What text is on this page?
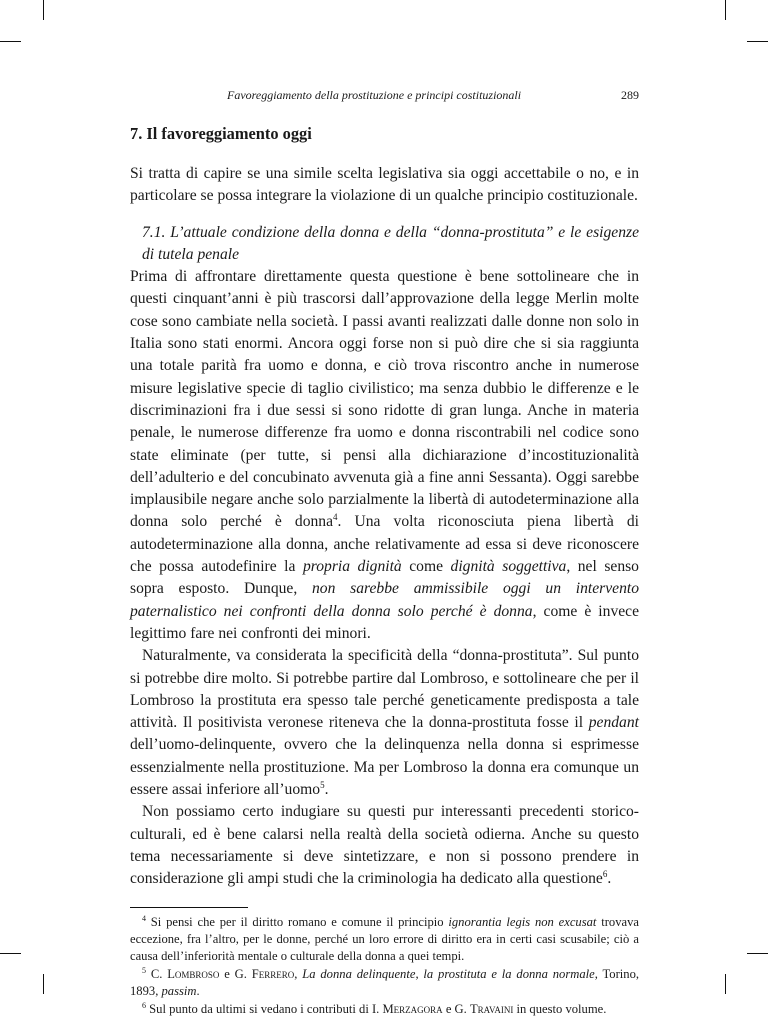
Favoreggiamento della prostituzione e principi costituzionali	289
7. Il favoreggiamento oggi

Si tratta di capire se una simile scelta legislativa sia oggi accettabile o no, e in particolare se possa integrare la violazione di un qualche principio costituzionale.

7.1. L’attuale condizione della donna e della “donna-prostituta” e le esigenze di tutela penale

Prima di affrontare direttamente questa questione è bene sottolineare che in questi cinquant’anni è più trascorsi dall’approvazione della legge Merlin molte cose sono cambiate nella società. I passi avanti realizzati dalle donne non solo in Italia sono stati enormi. Ancora oggi forse non si può dire che si sia raggiunta una totale parità fra uomo e donna, e ciò trova riscontro anche in numerose misure legislative specie di taglio civilistico; ma senza dubbio le differenze e le discriminazioni fra i due sessi si sono ridotte di gran lunga. Anche in materia penale, le numerose differenze fra uomo e donna riscontrabili nel codice sono state eliminate (per tutte, si pensi alla dichiarazione d’incostituzionalità dell’adulterio e del concubinato avvenuta già a fine anni Sessanta). Oggi sarebbe implausibile negare anche solo parzialmente la libertà di autodeterminazione alla donna solo perché è donna$^4$. Una volta riconosciuta piena libertà di autodeterminazione alla donna, anche relativamente ad essa si deve riconoscere che possa autodefinire la propria dignità come dignità soggettiva, nel senso sopra esposto. Dunque, non sarebbe ammissibile oggi un intervento paternalistico nei confronti della donna solo perché è donna, come è invece legittimo fare nei confronti dei minori.

Naturalmente, va considerata la specificità della “donna-prostituta”. Sul punto si potrebbe dire molto. Si potrebbe partire dal Lombroso, e sottolineare che per il Lombroso la prostituta era spesso tale perché geneticamente predisposta a tale attività. Il positivista veronese riteneva che la donna-prostituta fosse il pendant dell’uomo-delinquente, ovvero che la delinquenza nella donna si esprimesse essenzialmente nella prostituzione. Ma per Lombroso la donna era comunque un essere assai inferiore all’uomo$^5$.

Non possiamo certo indugiare su questi pur interessanti precedenti storico-culturali, ed è bene calarsi nella realtà della società odierna. Anche su questo tema necessariamente si deve sintetizzare, e non si possono prendere in considerazione gli ampi studi che la criminologia ha dedicato alla questione$^6$.

$^4$ Si pensi che per il diritto romano e comune il principio ignorantia legis non excusat trovava eccezione, fra l’altro, per le donne, perché un loro errore di diritto era in certi casi scusabile; ciò a causa dell’inferiorità mentale o culturale della donna a quei tempi.

$^5$ C. Lombroso e G. Ferrero, La donna delinquente, la prostituta e la donna normale, Torino, 1893, passim.

$^6$ Sul punto da ultimi si vedano i contributi di I. Merzagora e G. Travaini in questo volume.
